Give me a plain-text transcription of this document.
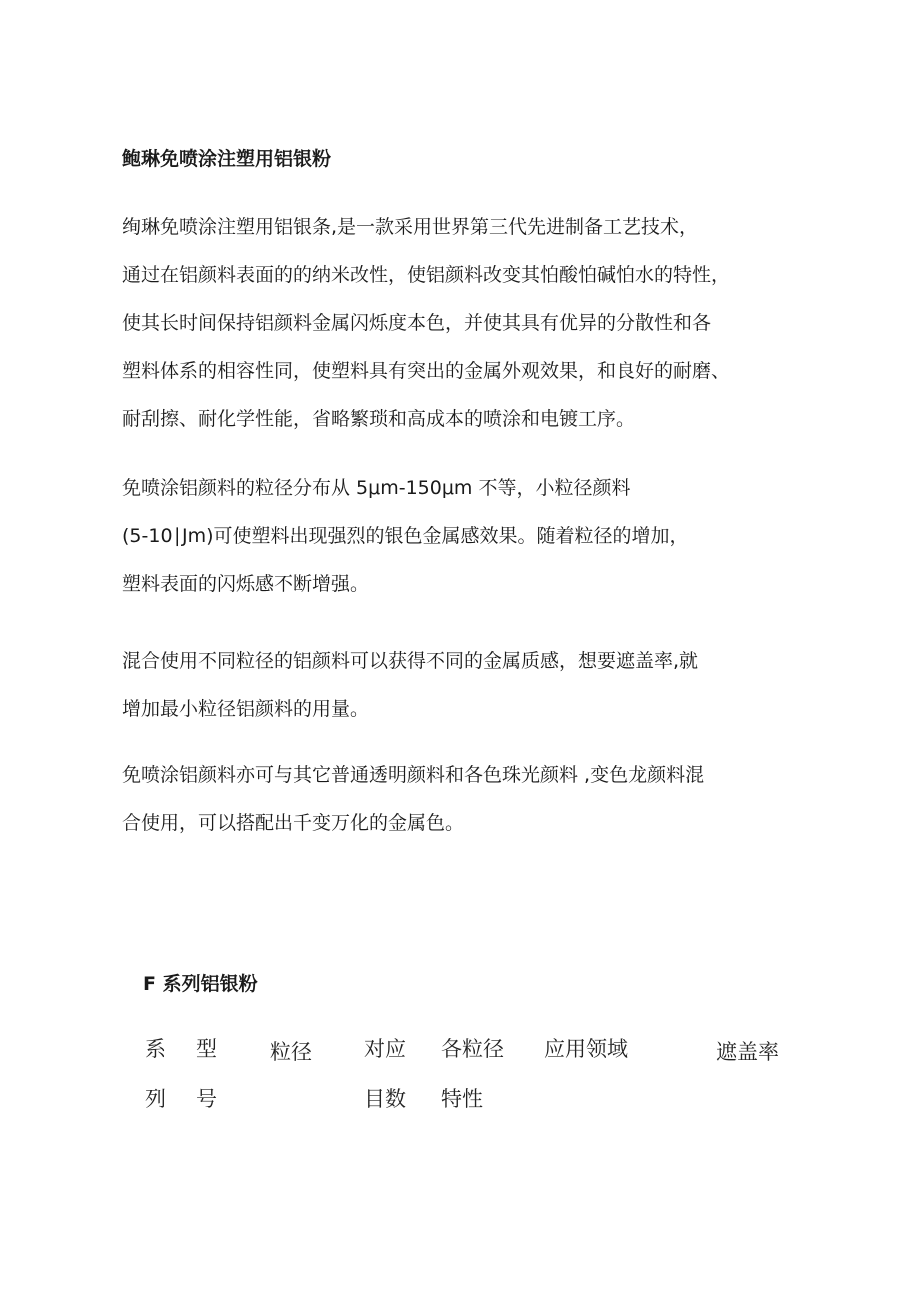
鲍琳免喷涂注塑用铝银粉
绚琳免喷涂注塑用铝银条,是一款采用世界第三代先进制备工艺技术，
通过在铝颜料表面的的纳米改性，使铝颜料改变其怕酸怕碱怕水的特性，
使其长时间保持铝颜料金属闪烁度本色，并使其具有优异的分散性和各
塑料体系的相容性同，使塑料具有突出的金属外观效果，和良好的耐磨、
耐刮擦、耐化学性能，省略繁琐和高成本的喷涂和电镀工序。
免喷涂铝颜料的粒径分布从 5μm-150μm 不等，小粒径颜料
(5-10∣Jm)可使塑料出现强烈的银色金属感效果。随着粒径的增加，
塑料表面的闪烁感不断增强。
混合使用不同粒径的铝颜料可以获得不同的金属质感，想要遮盖率,就
增加最小粒径铝颜料的用量。
免喷涂铝颜料亦可与其它普通透明颜料和各色珠光颜料 ,变色龙颜料混
合使用，可以搭配出千变万化的金属色。
F 系列铝银粉
系
列
型
号
粒径 对应
目数
各粒径
特性
应用领域	遮盖率
